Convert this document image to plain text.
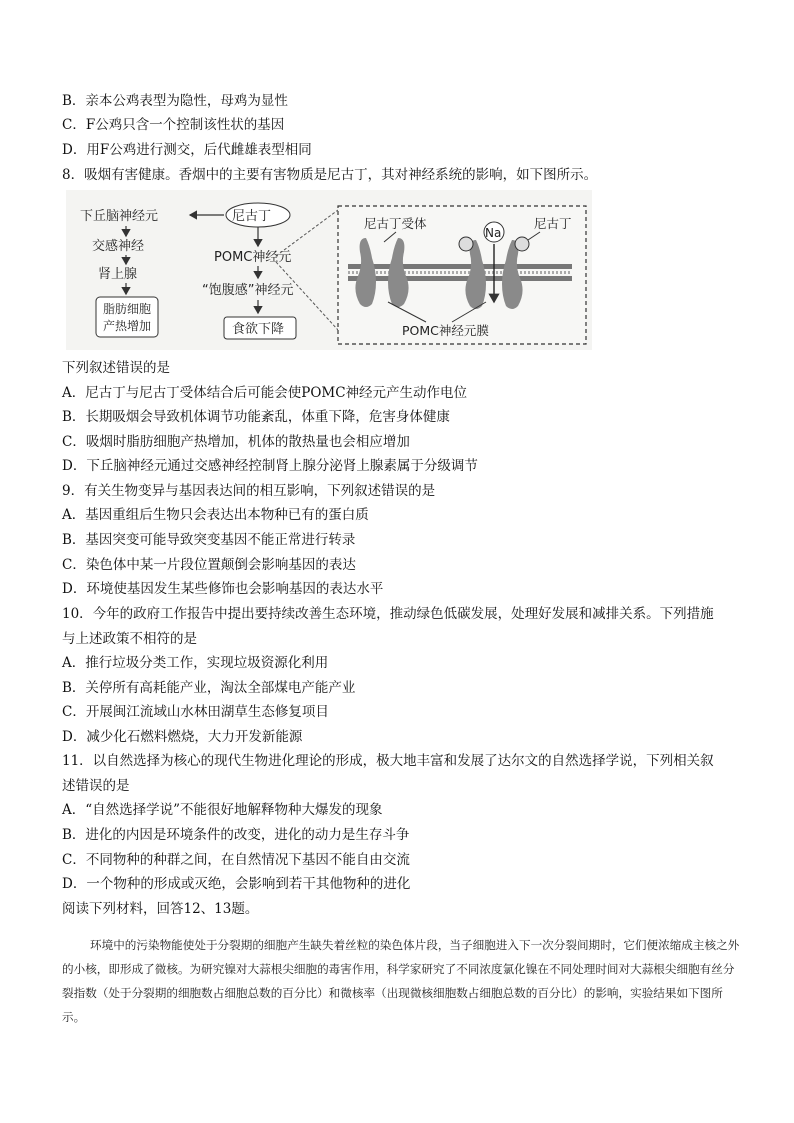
B．亲本公鸡表型为隐性，母鸡为显性
C．F公鸡只含一个控制该性状的基因
D．用F公鸡进行测交，后代雌雄表型相同
8．吸烟有害健康。香烟中的主要有害物质是尼古丁，其对神经系统的影响，如下图所示。
下列叙述错误的是
A．尼古丁与尼古丁受体结合后可能会使POMC神经元产生动作电位
B．长期吸烟会导致机体调节功能紊乱，体重下降，危害身体健康
C．吸烟时脂肪细胞产热增加，机体的散热量也会相应增加
D．下丘脑神经元通过交感神经控制肾上腺分泌肾上腺素属于分级调节
9．有关生物变异与基因表达间的相互影响，下列叙述错误的是
A．基因重组后生物只会表达出本物种已有的蛋白质
B．基因突变可能导致突变基因不能正常进行转录
C．染色体中某一片段位置颠倒会影响基因的表达
D．环境使基因发生某些修饰也会影响基因的表达水平
10．今年的政府工作报告中提出要持续改善生态环境，推动绿色低碳发展，处理好发展和减排关系。下列措施
与上述政策不相符的是
A．推行垃圾分类工作，实现垃圾资源化利用
B．关停所有高耗能产业，淘汰全部煤电产能产业
C．开展闽江流域山水林田湖草生态修复项目
D．减少化石燃料燃烧，大力开发新能源
11．以自然选择为核心的现代生物进化理论的形成，极大地丰富和发展了达尔文的自然选择学说，下列相关叙
述错误的是
A．“自然选择学说”不能很好地解释物种大爆发的现象
B．进化的内因是环境条件的改变，进化的动力是生存斗争
C．不同物种的种群之间，在自然情况下基因不能自由交流
D．一个物种的形成或灭绝，会影响到若干其他物种的进化
阅读下列材料，回答12、13题。
下丘脑神经元	尼古丁
交感神经
肾上腺
脂肪细胞
产热增加
POMC神经元
“饱腹感”神经元
食欲下降
Na
尼古丁受体	尼古丁
POMC神经元膜

环境中的污染物能使处于分裂期的细胞产生缺失着丝粒的染色体片段，当子细胞进入下一次分裂间期时，它们便浓缩成主核之外的小核，即形成了微核。为研究镍对大蒜根尖细胞的毒害作用，科学家研究了不同浓度氯化镍在不同处理时间对大蒜根尖细胞有丝分裂指数（处于分裂期的细胞数占细胞总数的百分比）和微核率（出现微核细胞数占细胞总数的百分比）的影响，实验结果如下图所示。
